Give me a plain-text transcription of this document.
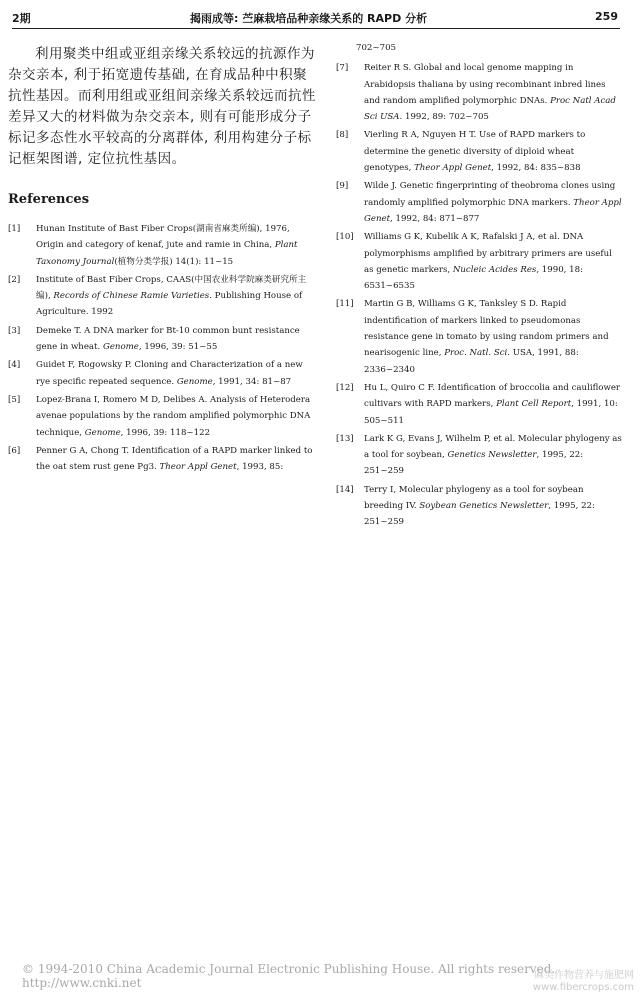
2期	揭雨成等: 苎麻栽培品种亲缘关系的 RAPD 分析	259

利用聚类中组或亚组亲缘关系较远的抗源作为杂交亲本, 利于拓宽遗传基础, 在育成品种中积聚抗性基因。而利用组或亚组间亲缘关系较远而抗性差异又大的材料做为杂交亲本, 则有可能形成分子标记多态性水平较高的分离群体, 利用构建分子标记框架图谱, 定位抗性基因。

References
[1] Hunan Institute of Bast Fiber Crops(湖南省麻类所编), 1976, Origin and category of kenaf, jute and ramie in China, Plant Taxonomy Journal(植物分类学报) 14(1): 11~15
[2] Institute of Bast Fiber Crops, CAAS(中国农业科学院麻类研究所主编), Records of Chinese Ramie Varieties. Publishing House of Agriculture. 1992
[3] Demeke T. A DNA marker for Bt-10 common bunt resistance gene in wheat. Genome, 1996, 39: 51~55
[4] Guidet F, Rogowsky P. Cloning and Characterization of a new rye specific repeated sequence. Genome, 1991, 34: 81~87
[5] Lopez-Brana I, Romero M D, Delibes A. Analysis of Heterodera avenae populations by the random amplified polymorphic DNA technique, Genome, 1996, 39: 118~122
[6] Penner G A, Chong T. Identification of a RAPD marker linked to the oat stem rust gene Pg3. Theor Appl Genet, 1993, 85:
702~705
[7] Reiter R S. Global and local genome mapping in Arabidopsis thaliana by using recombinant inbred lines and random amplified polymorphic DNAs. Proc Natl Acad Sci USA. 1992, 89: 702~705
[8] Vierling R A, Nguyen H T. Use of RAPD markers to determine the genetic diversity of diploid wheat genotypes, Theor Appl Genet, 1992, 84: 835~838
[9] Wilde J. Genetic fingerprinting of theobroma clones using randomly amplified polymorphic DNA markers. Theor Appl Genet, 1992, 84: 871~877
[10] Williams G K, Kubelik A K, Rafalski J A, et al. DNA polymorphisms amplified by arbitrary primers are useful as genetic markers, Nucleic Acides Res, 1990, 18: 6531~6535
[11] Martin G B, Williams G K, Tanksley S D. Rapid indentification of markers linked to pseudomonas resistance gene in tomato by using random primers and nearisogenic line, Proc. Natl. Sci. USA, 1991, 88: 2336~2340
[12] Hu L, Quiro C F. Identification of broccolia and cauliflower cultivars with RAPD markers, Plant Cell Report, 1991, 10: 505~511
[13] Lark K G, Evans J, Wilhelm P, et al. Molecular phylogeny as a tool for soybean, Genetics Newsletter, 1995, 22: 251~259
[14] Terry I, Molecular phylogeny as a tool for soybean breeding IV. Soybean Genetics Newsletter, 1995, 22: 251~259
© 1994-2010 China Academic Journal Electronic Publishing House. All rights reserved. http://www.cnki.net
麻类作物营养与施肥网
www.fibercrops.com
